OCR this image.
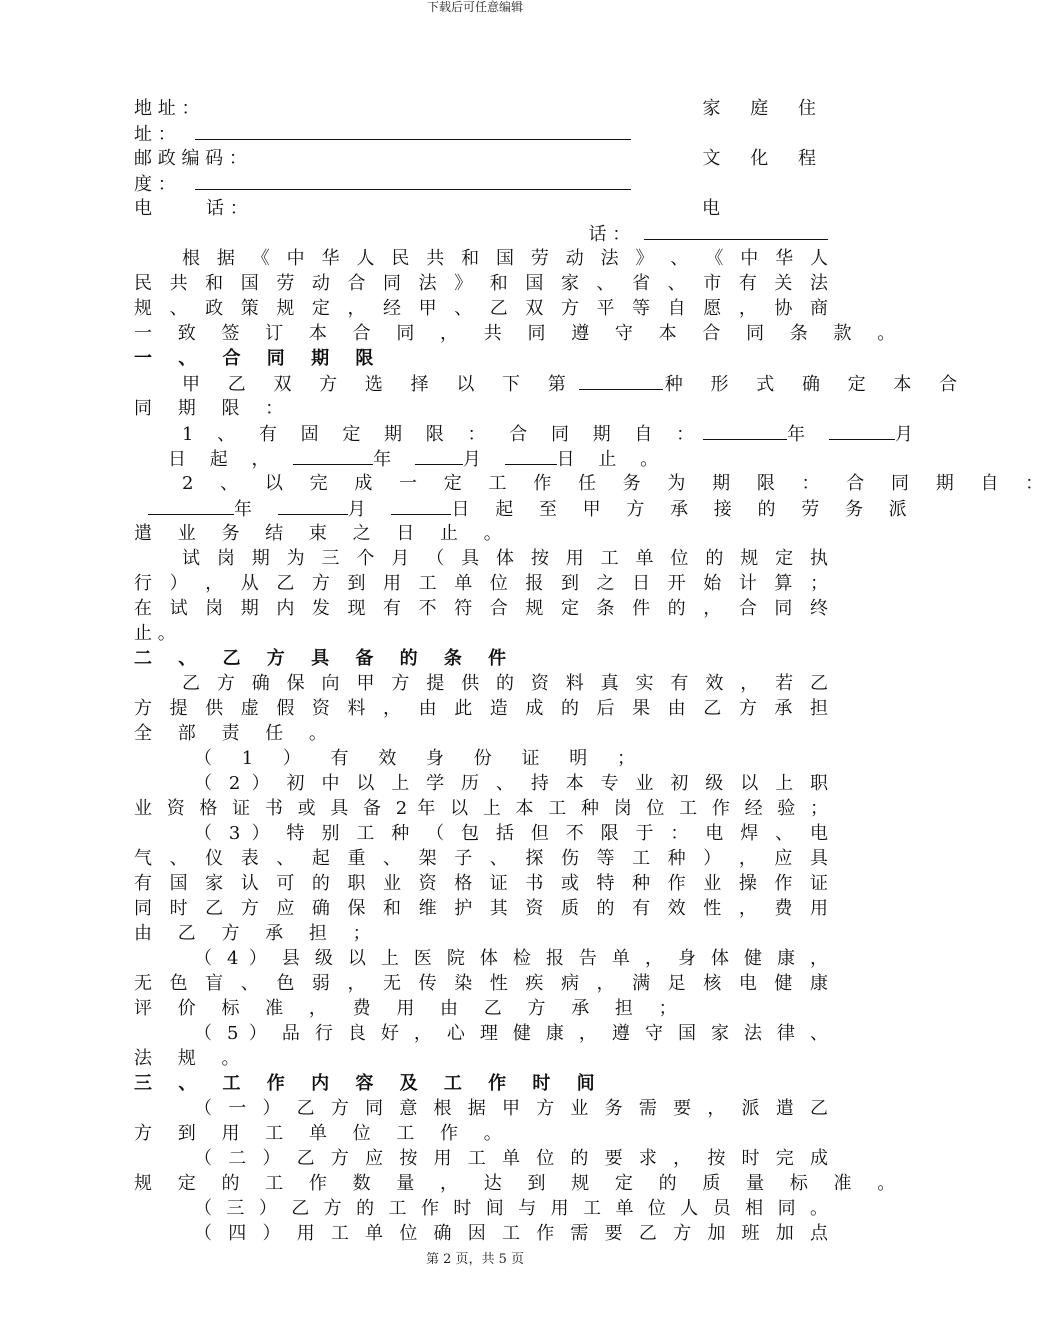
下载后可任意编辑
地 址 ：	家 庭 住
址 ：
邮 政 编 码 ：	文 化 程
度 ：
电　　　话 ：	电
话 ：
根 据 《 中 华 人 民 共 和 国 劳 动 法 》 、 《 中 华 人
民 共 和 国 劳 动 合 同 法 》 和 国 家 、 省 、 市 有 关 法
规 、 政 策 规 定 ， 经 甲 、 乙 双 方 平 等 自 愿 ， 协 商
一 致 签 订 本 合 同 ， 共 同 遵 守 本 合 同 条 款 。
一 、 合 同 期 限
甲 乙 双 方 选 择 以 下 第	种 形 式 确 定 本 合
同 期 限 ：
1 、 有 固 定 期 限 ： 合 同 期 自 ：	年	月
日 起 ，	年	月	日 止 。
2 、 以 完 成 一 定 工 作 任 务 为 期 限 ： 合 同 期 自 ：
年	月	日 起 至 甲 方 承 接 的 劳 务 派
遣 业 务 结 束 之 日 止 。
试 岗 期 为 三 个 月 （ 具 体 按 用 工 单 位 的 规 定 执
行 ） ， 从 乙 方 到 用 工 单 位 报 到 之 日 开 始 计 算 ；
在 试 岗 期 内 发 现 有 不 符 合 规 定 条 件 的 ， 合 同 终
止 。
二 、 乙 方 具 备 的 条 件
乙 方 确 保 向 甲 方 提 供 的 资 料 真 实 有 效 ， 若 乙
方 提 供 虚 假 资 料 ， 由 此 造 成 的 后 果 由 乙 方 承 担
全 部 责 任 。
（ 1 ） 有 效 身 份 证 明 ；
（ 2 ） 初 中 以 上 学 历 、 持 本 专 业 初 级 以 上 职
业 资 格 证 书 或 具 备 2 年 以 上 本 工 种 岗 位 工 作 经 验 ；
（ 3 ） 特 别 工 种 （ 包 括 但 不 限 于 ： 电 焊 、 电
气 、 仪 表 、 起 重 、 架 子 、 探 伤 等 工 种 ） ， 应 具
有 国 家 认 可 的 职 业 资 格 证 书 或 特 种 作 业 操 作 证
同 时 乙 方 应 确 保 和 维 护 其 资 质 的 有 效 性 ， 费 用
由 乙 方 承 担 ；
（ 4 ） 县 级 以 上 医 院 体 检 报 告 单 ， 身 体 健 康 ，
无 色 盲 、 色 弱 ， 无 传 染 性 疾 病 ， 满 足 核 电 健 康
评 价 标 准 ， 费 用 由 乙 方 承 担 ；
（ 5 ） 品 行 良 好 ， 心 理 健 康 ， 遵 守 国 家 法 律 、
法 规 。
三 、 工 作 内 容 及 工 作 时 间
（ 一 ） 乙 方 同 意 根 据 甲 方 业 务 需 要 ， 派 遣 乙
方 到 用 工 单 位 工 作 。
（ 二 ） 乙 方 应 按 用 工 单 位 的 要 求 ， 按 时 完 成
规 定 的 工 作 数 量 ， 达 到 规 定 的 质 量 标 准 。
（ 三 ） 乙 方 的 工 作 时 间 与 用 工 单 位 人 员 相 同 。
（ 四 ） 用 工 单 位 确 因 工 作 需 要 乙 方 加 班 加 点
第 2 页，共 5 页
